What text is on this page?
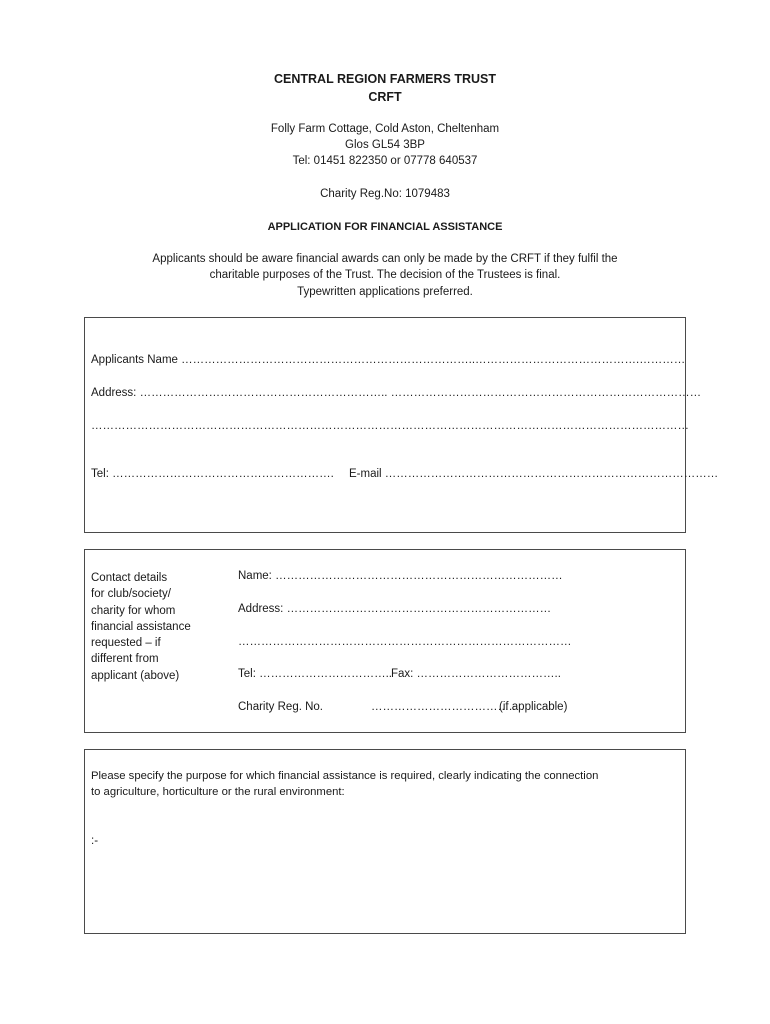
CENTRAL REGION FARMERS TRUST
CRFT
Folly Farm Cottage, Cold Aston, Cheltenham
Glos GL54 3BP
Tel: 01451 822350 or 07778 640537
Charity Reg.No: 1079483
APPLICATION FOR FINANCIAL ASSISTANCE
Applicants should be aware financial awards can only be made by the CRFT if they fulfil the
charitable purposes of the Trust. The decision of the Trustees is final.
Typewritten applications preferred.
Applicants Name …………………………………………………………………..…………………………………….…………
Address: ……………………………………………………….. ………………………………………………………………………
…………………………………………………………………………………………………………………………………………
Tel: …………………………………………………. E-mail ……………………………………………………………………………
Contact details
for club/society/
charity for whom
financial assistance
requested – if
different from
applicant (above)
Name: …………………………………………………………………
Address: ……………………………………………………………
……………………………………………………………………………
Tel: …………………………….. Fax: ………………………………..
Charity Reg. No.	………………………………..
(if applicable)
Please specify the purpose for which financial assistance is required, clearly indicating the connection
to agriculture, horticulture or the rural environment:
:-
